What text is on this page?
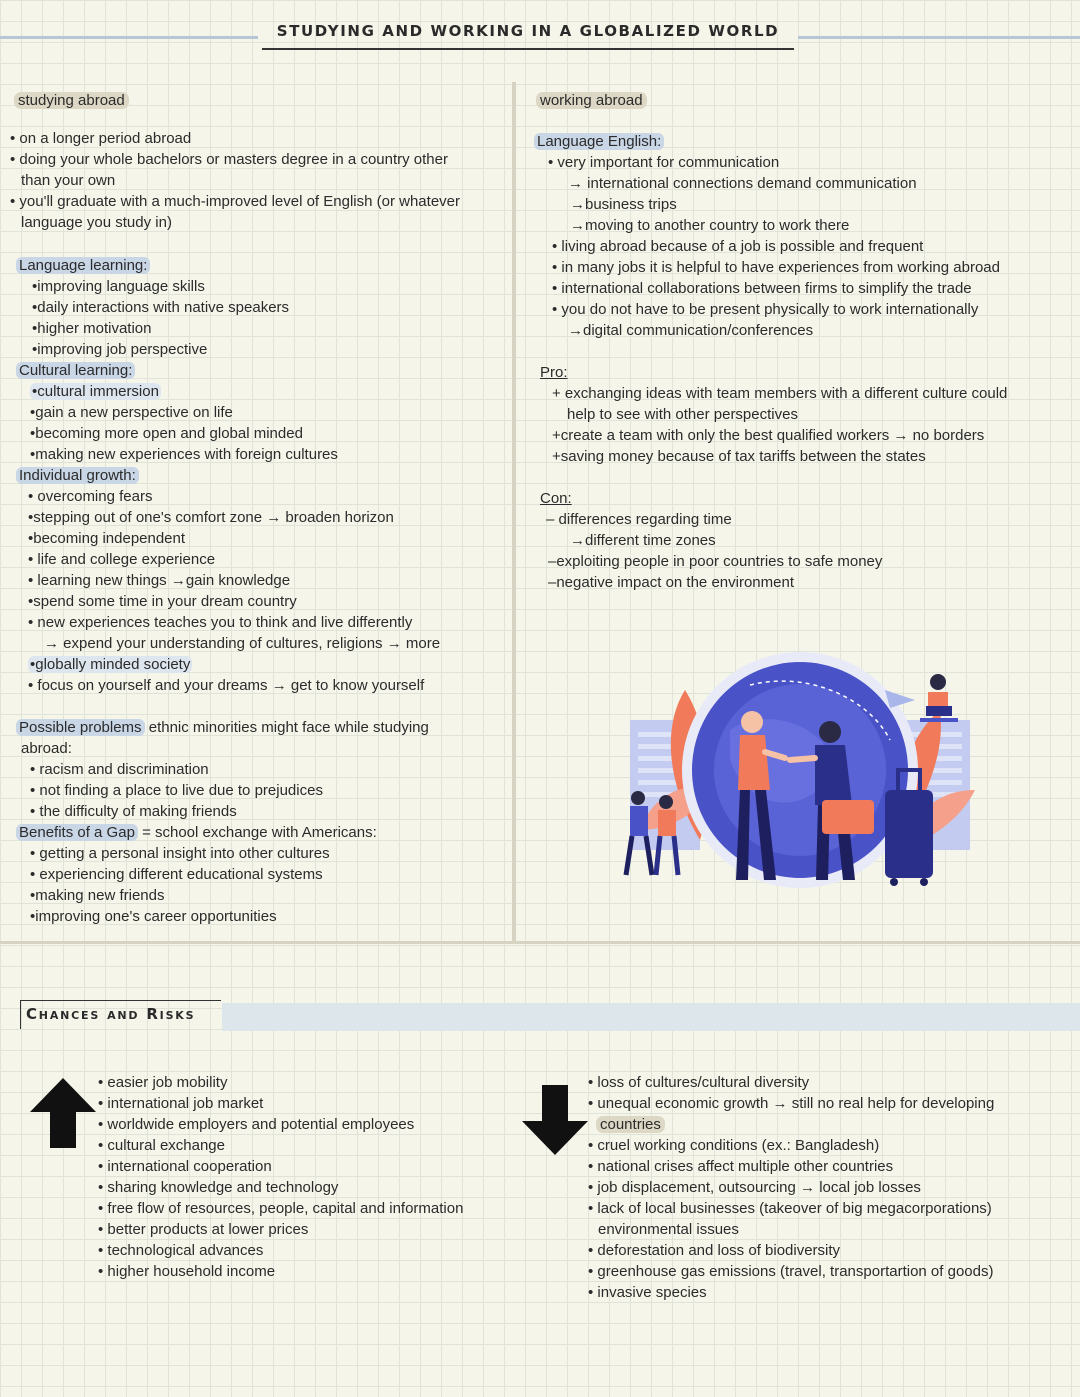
STUDYING AND WORKING IN A GLOBALIZED WORLD
studying abroad
• on a longer period abroad
• doing your whole bachelors or masters degree in a country other
than your own
• you'll graduate with a much-improved level of English (or whatever
language you study in)
Language learning:
•improving language skills
•daily interactions with native speakers
•higher motivation
•improving job perspective
Cultural learning:
•cultural immersion
•gain a new perspective on life
•becoming more open and global minded
•making new experiences with foreign cultures
Individual growth:
• overcoming fears
•stepping out of one's comfort zone → broaden horizon
•becoming independent
• life and college experience
• learning new things →gain knowledge
•spend some time in your dream country
• new experiences teaches you to think and live differently
→ expend your understanding of cultures, religions → more
•globally minded society
• focus on yourself and your dreams → get to know yourself
Possible problems ethnic minorities might face while studying
abroad:
• racism and discrimination
• not finding a place to live due to prejudices
• the difficulty of making friends
Benefits of a Gap = school exchange with Americans:
• getting a personal insight into other cultures
• experiencing different educational systems
•making new friends
•improving one's career opportunities
working abroad
Language English:
• very important for communication
→ international connections demand communication
→business trips
→moving to another country to work there
• living abroad because of a job is possible and frequent
• in many jobs it is helpful to have experiences from working abroad
• international collaborations between firms to simplify the trade
• you do not have to be present physically to work internationally
→digital communication/conferences
Pro:
+ exchanging ideas with team members with a different culture could
help to see with other perspectives
+create a team with only the best qualified workers → no borders
+saving money because of tax tariffs between the states
Con:
– differences regarding time
→different time zones
–exploiting people in poor countries to safe money
–negative impact on the environment
Chances and Risks
• easier job mobility
• international job market
• worldwide employers and potential employees
• cultural exchange
• international cooperation
• sharing knowledge and technology
• free flow of resources, people, capital and information
• better products at lower prices
• technological advances
• higher household income
• loss of cultures/cultural diversity
• unequal economic growth → still no real help for developing
countries
• cruel working conditions (ex.: Bangladesh)
• national crises affect multiple other countries
• job displacement, outsourcing → local job losses
• lack of local businesses (takeover of big megacorporations)
environmental issues
• deforestation and loss of biodiversity
• greenhouse gas emissions (travel, transportartion of goods)
• invasive species
